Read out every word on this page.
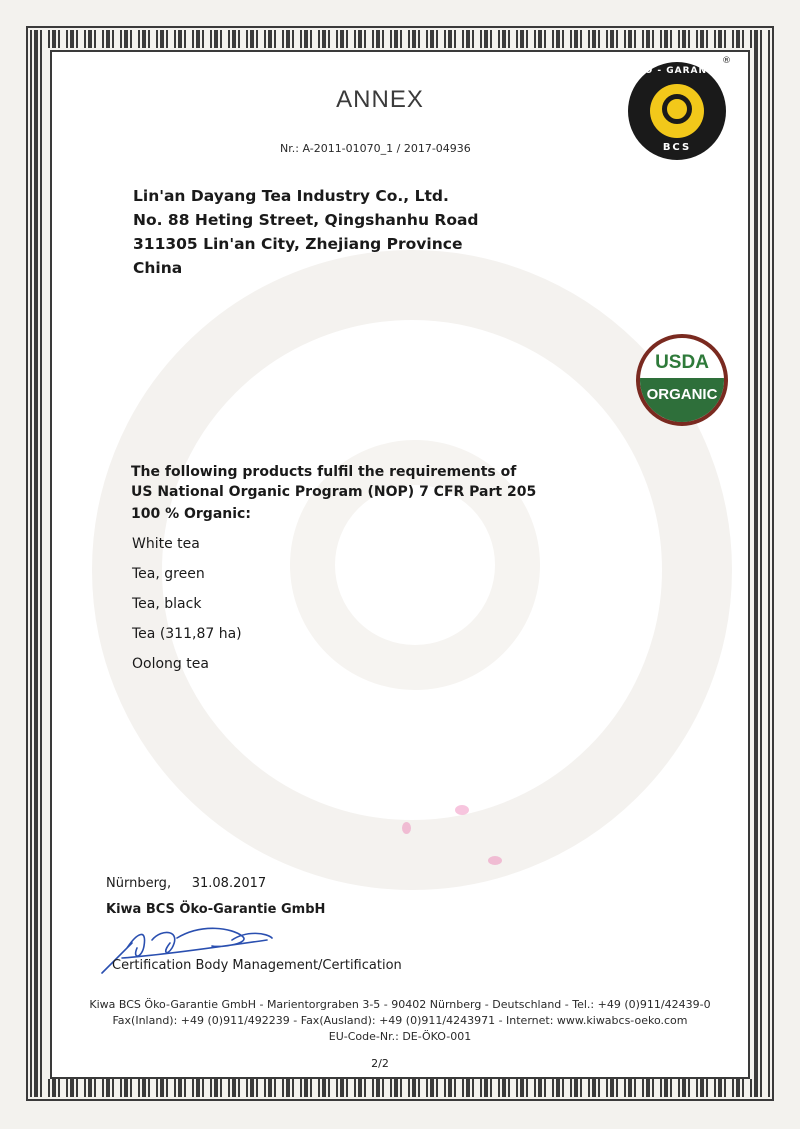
ANNEX
Nr.: A-2011-01070_1 / 2017-04936
ÖKO - GARANTIE
BCS
®
Lin'an Dayang Tea Industry Co., Ltd.
No. 88 Heting Street, Qingshanhu Road
311305 Lin'an City, Zhejiang Province
China
USDA
ORGANIC
The following products fulfil the requirements of
US National Organic Program (NOP) 7 CFR Part 205
100 % Organic:
White tea
Tea, green
Tea, black
Tea (311,87 ha)
Oolong tea
Nürnberg,     31.08.2017
Kiwa BCS Öko-Garantie GmbH
Certification Body Management/Certification
Kiwa BCS Öko-Garantie GmbH - Marientorgraben 3-5 - 90402 Nürnberg - Deutschland - Tel.: +49 (0)911/42439-0
Fax(Inland): +49 (0)911/492239 - Fax(Ausland): +49 (0)911/4243971 - Internet: www.kiwabcs-oeko.com
EU-Code-Nr.: DE-ÖKO-001
2/2
